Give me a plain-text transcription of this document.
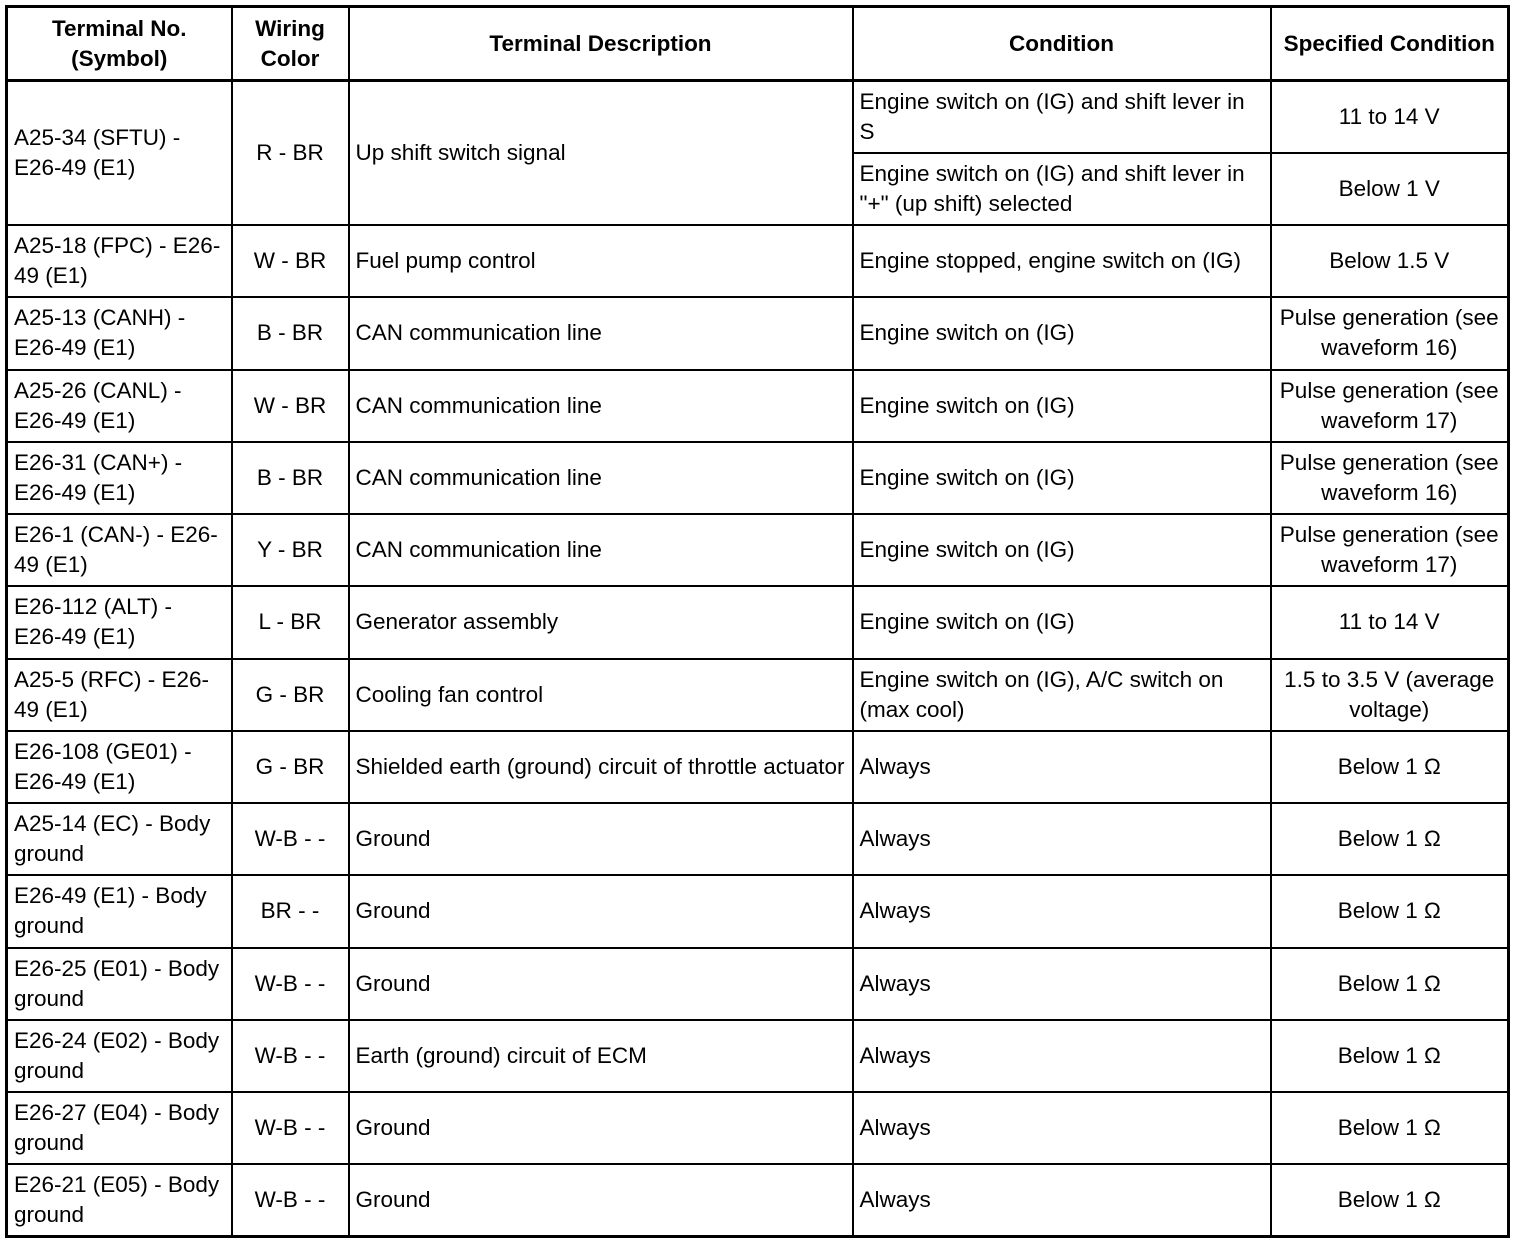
Terminal No. (Symbol)	Wiring Color	Terminal Description	Condition	Specified Condition
A25-34 (SFTU) - E26-49 (E1)	R - BR	Up shift switch signal	Engine switch on (IG) and shift lever in S	11 to 14 V
			Engine switch on (IG) and shift lever in "+" (up shift) selected	Below 1 V
A25-18 (FPC) - E26-49 (E1)	W - BR	Fuel pump control	Engine stopped, engine switch on (IG)	Below 1.5 V
A25-13 (CANH) - E26-49 (E1)	B - BR	CAN communication line	Engine switch on (IG)	Pulse generation (see waveform 16)
A25-26 (CANL) - E26-49 (E1)	W - BR	CAN communication line	Engine switch on (IG)	Pulse generation (see waveform 17)
E26-31 (CAN+) - E26-49 (E1)	B - BR	CAN communication line	Engine switch on (IG)	Pulse generation (see waveform 16)
E26-1 (CAN-) - E26-49 (E1)	Y - BR	CAN communication line	Engine switch on (IG)	Pulse generation (see waveform 17)
E26-112 (ALT) - E26-49 (E1)	L - BR	Generator assembly	Engine switch on (IG)	11 to 14 V
A25-5 (RFC) - E26-49 (E1)	G - BR	Cooling fan control	Engine switch on (IG), A/C switch on (max cool)	1.5 to 3.5 V (average voltage)
E26-108 (GE01) - E26-49 (E1)	G - BR	Shielded earth (ground) circuit of throttle actuator	Always	Below 1 Ω
A25-14 (EC) - Body ground	W-B - -	Ground	Always	Below 1 Ω
E26-49 (E1) - Body ground	BR - -	Ground	Always	Below 1 Ω
E26-25 (E01) - Body ground	W-B - -	Ground	Always	Below 1 Ω
E26-24 (E02) - Body ground	W-B - -	Earth (ground) circuit of ECM	Always	Below 1 Ω
E26-27 (E04) - Body ground	W-B - -	Ground	Always	Below 1 Ω
E26-21 (E05) - Body ground	W-B - -	Ground	Always	Below 1 Ω
